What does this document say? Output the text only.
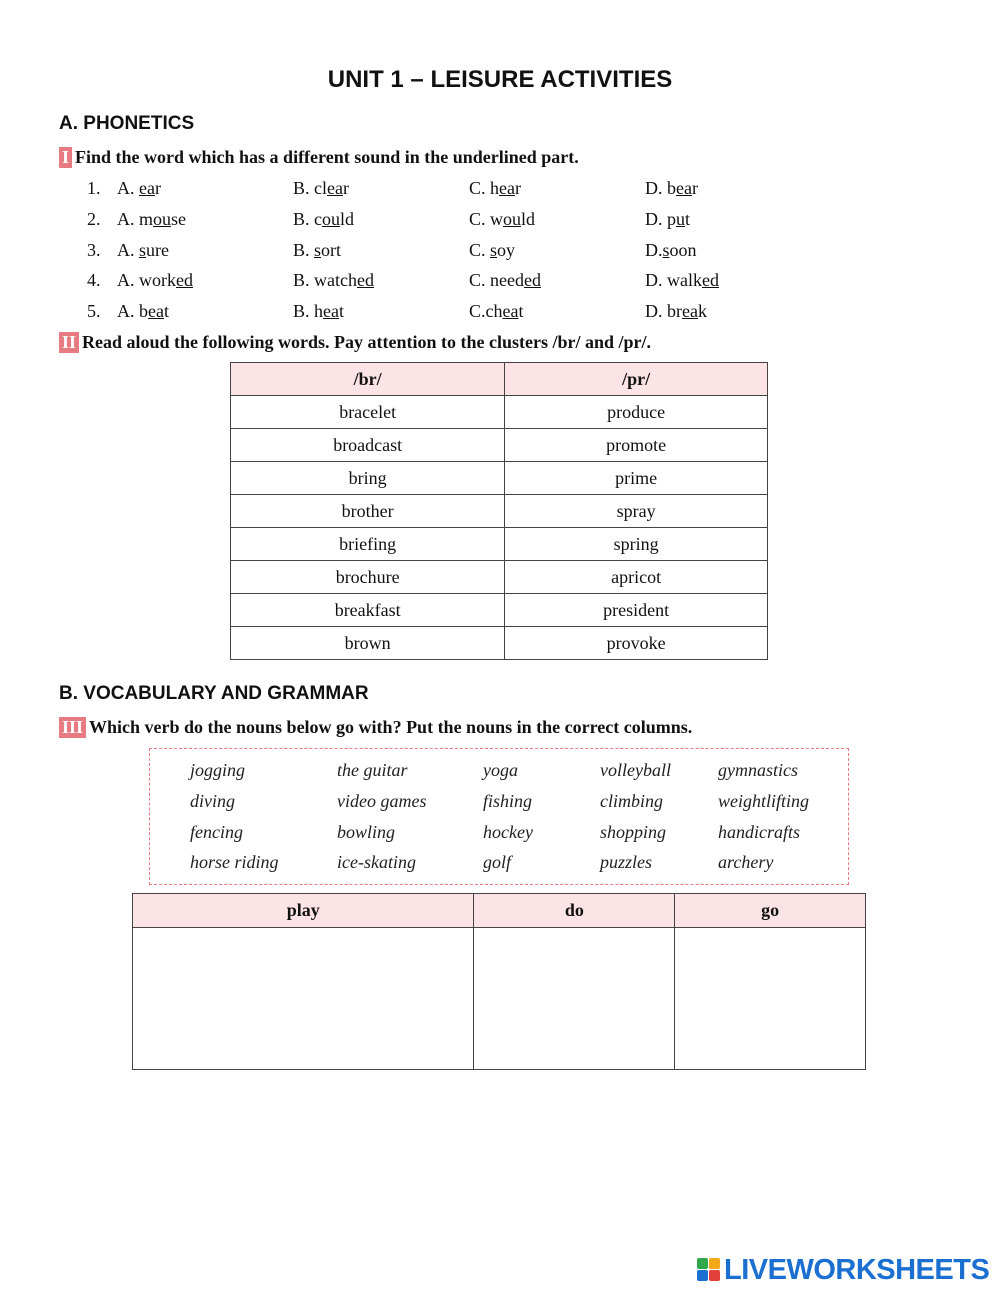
UNIT 1 – LEISURE ACTIVITIES
A. PHONETICS
I Find the word which has a different sound in the underlined part.
1. A. ear	B. clear	C. hear	D. bear
2. A. mouse	B. could	C. would	D. put
3. A. sure	B. sort	C. soy	D.soon
4. A. worked	B. watched	C. needed	D. walked
5. A. beat	B. heat	C.cheat	D. break
II Read aloud the following words. Pay attention to the clusters /br/ and /pr/.
/br/	/pr/
bracelet	produce
broadcast	promote
bring	prime
brother	spray
briefing	spring
brochure	apricot
breakfast	president
brown	provoke
B. VOCABULARY AND GRAMMAR
III Which verb do the nouns below go with? Put the nouns in the correct columns.
jogging	the guitar	yoga	volleyball	gymnastics
diving	video games	fishing	climbing	weightlifting
fencing	bowling	hockey	shopping	handicrafts
horse riding	ice-skating	golf	puzzles	archery
play	do	go

LIVEWORKSHEETS
